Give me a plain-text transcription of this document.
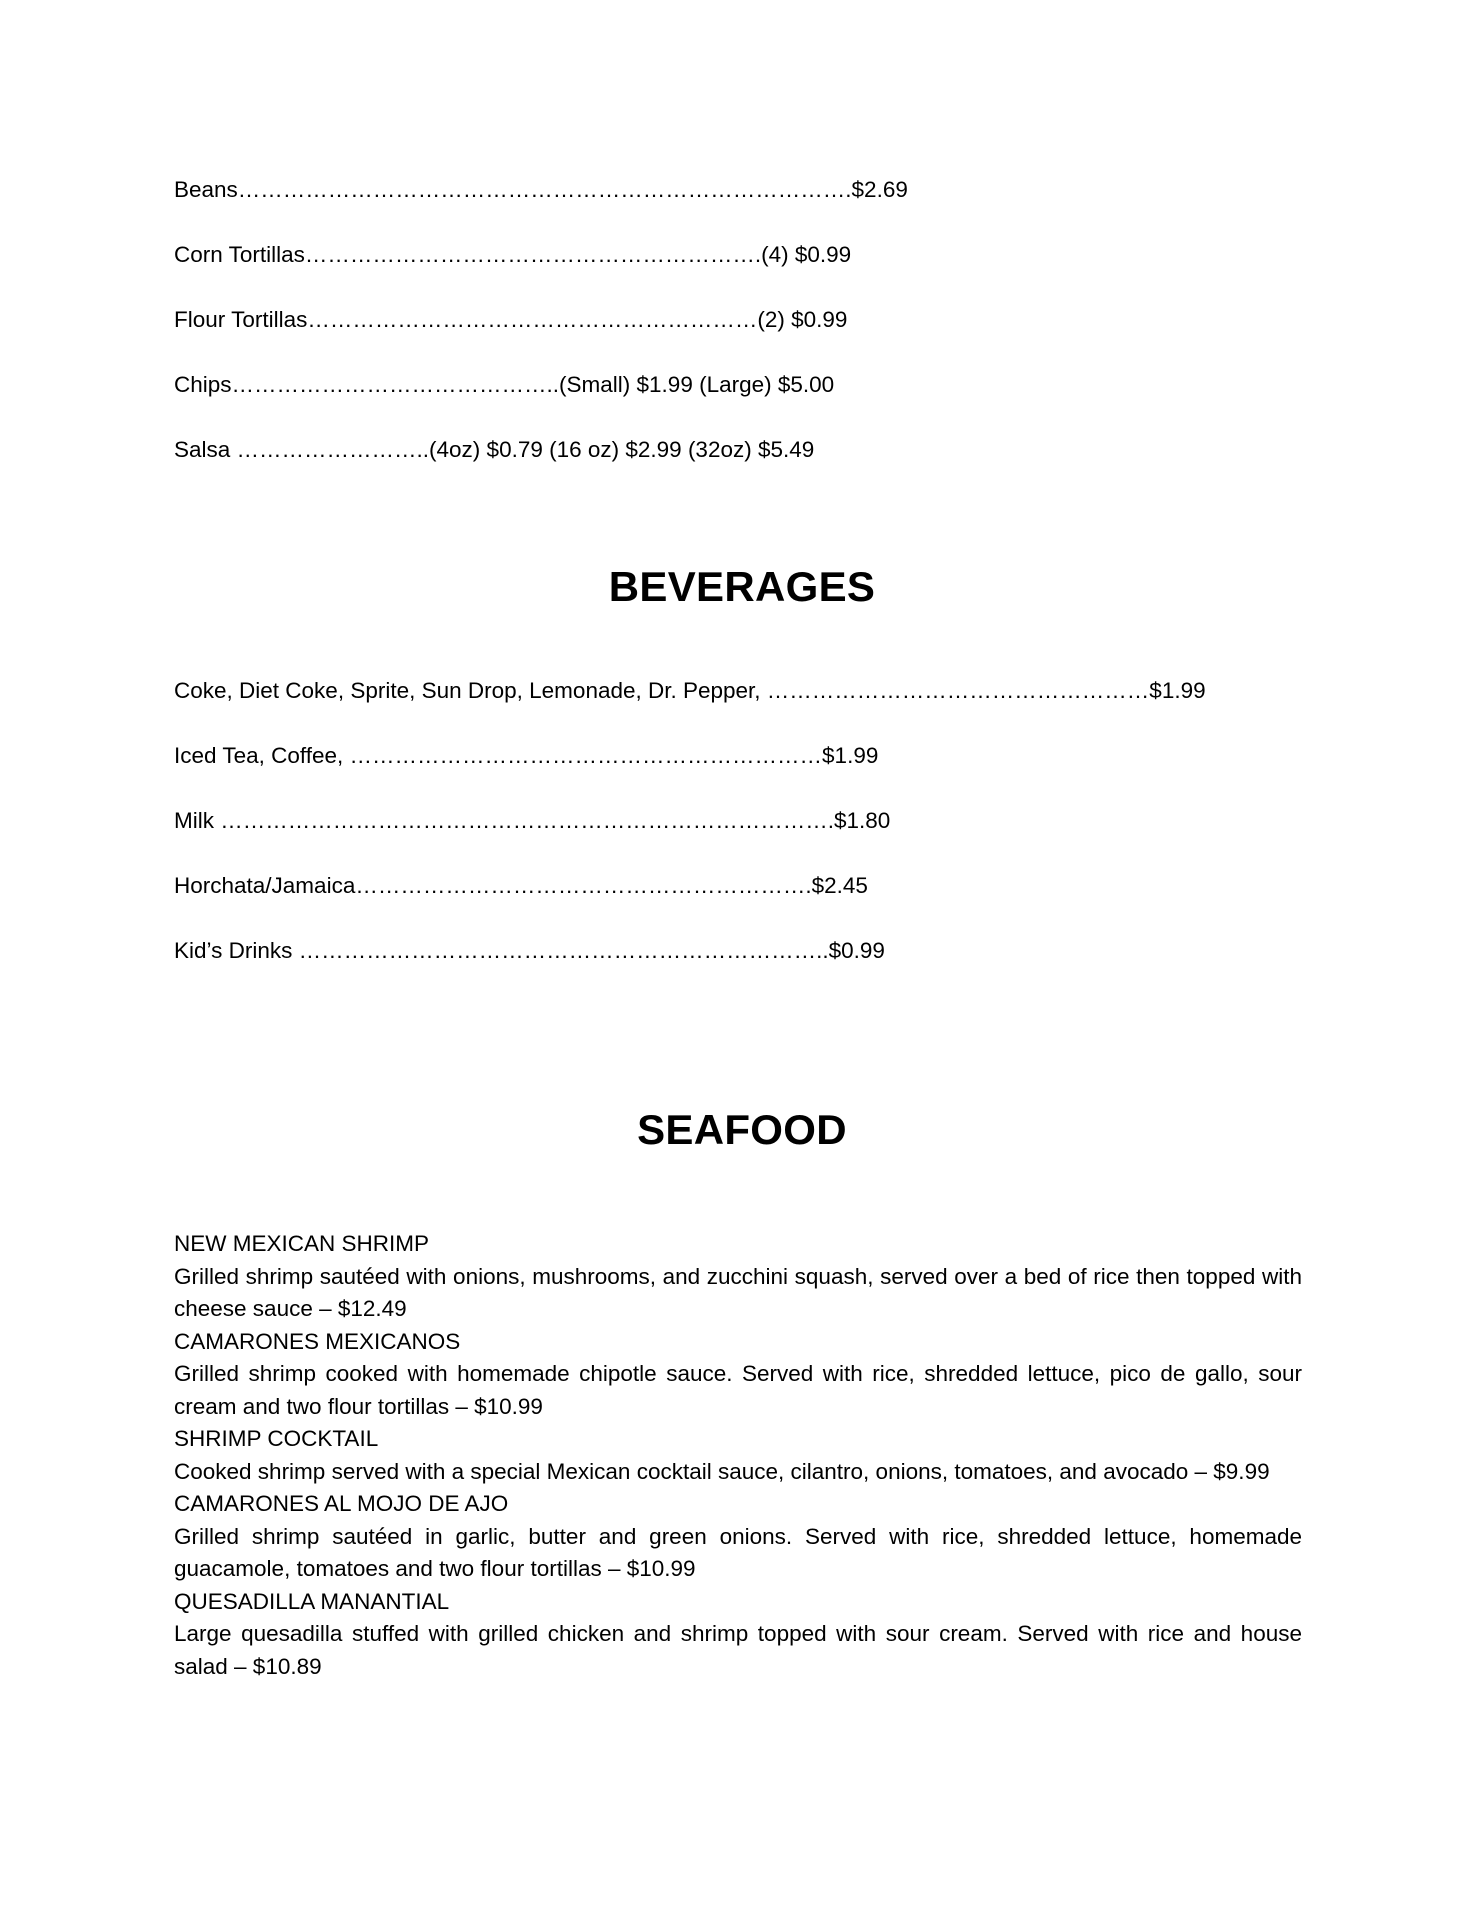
Beans……………………………………………………………………….$2.69
Corn Tortillas…………………………………………………….(4) $0.99
Flour Tortillas……………………………………………………(2) $0.99
Chips……………………………………..(Small) $1.99 (Large) $5.00
Salsa ……………………..(4oz) $0.79 (16 oz) $2.99 (32oz) $5.49
BEVERAGES
Coke, Diet Coke, Sprite, Sun Drop, Lemonade, Dr. Pepper, ……………………………………………$1.99
Iced Tea, Coffee, ………………………………………………………$1.99
Milk ……………………………………………………………………….$1.80
Horchata/Jamaica…………………………………………………….$2.45
Kid’s Drinks ……………………………………………………………..$0.99
SEAFOOD
NEW MEXICAN SHRIMP
Grilled shrimp sautéed with onions, mushrooms, and zucchini squash, served over a bed of rice then topped with cheese sauce – $12.49
CAMARONES MEXICANOS
Grilled shrimp cooked with homemade chipotle sauce. Served with rice, shredded lettuce, pico de gallo, sour cream and two flour tortillas – $10.99
SHRIMP COCKTAIL
Cooked shrimp served with a special Mexican cocktail sauce, cilantro, onions, tomatoes, and avocado – $9.99
CAMARONES AL MOJO DE AJO
Grilled shrimp sautéed in garlic, butter and green onions. Served with rice, shredded lettuce, homemade guacamole, tomatoes and two flour tortillas – $10.99
QUESADILLA MANANTIAL
Large quesadilla stuffed with grilled chicken and shrimp topped with sour cream. Served with rice and house salad – $10.89
